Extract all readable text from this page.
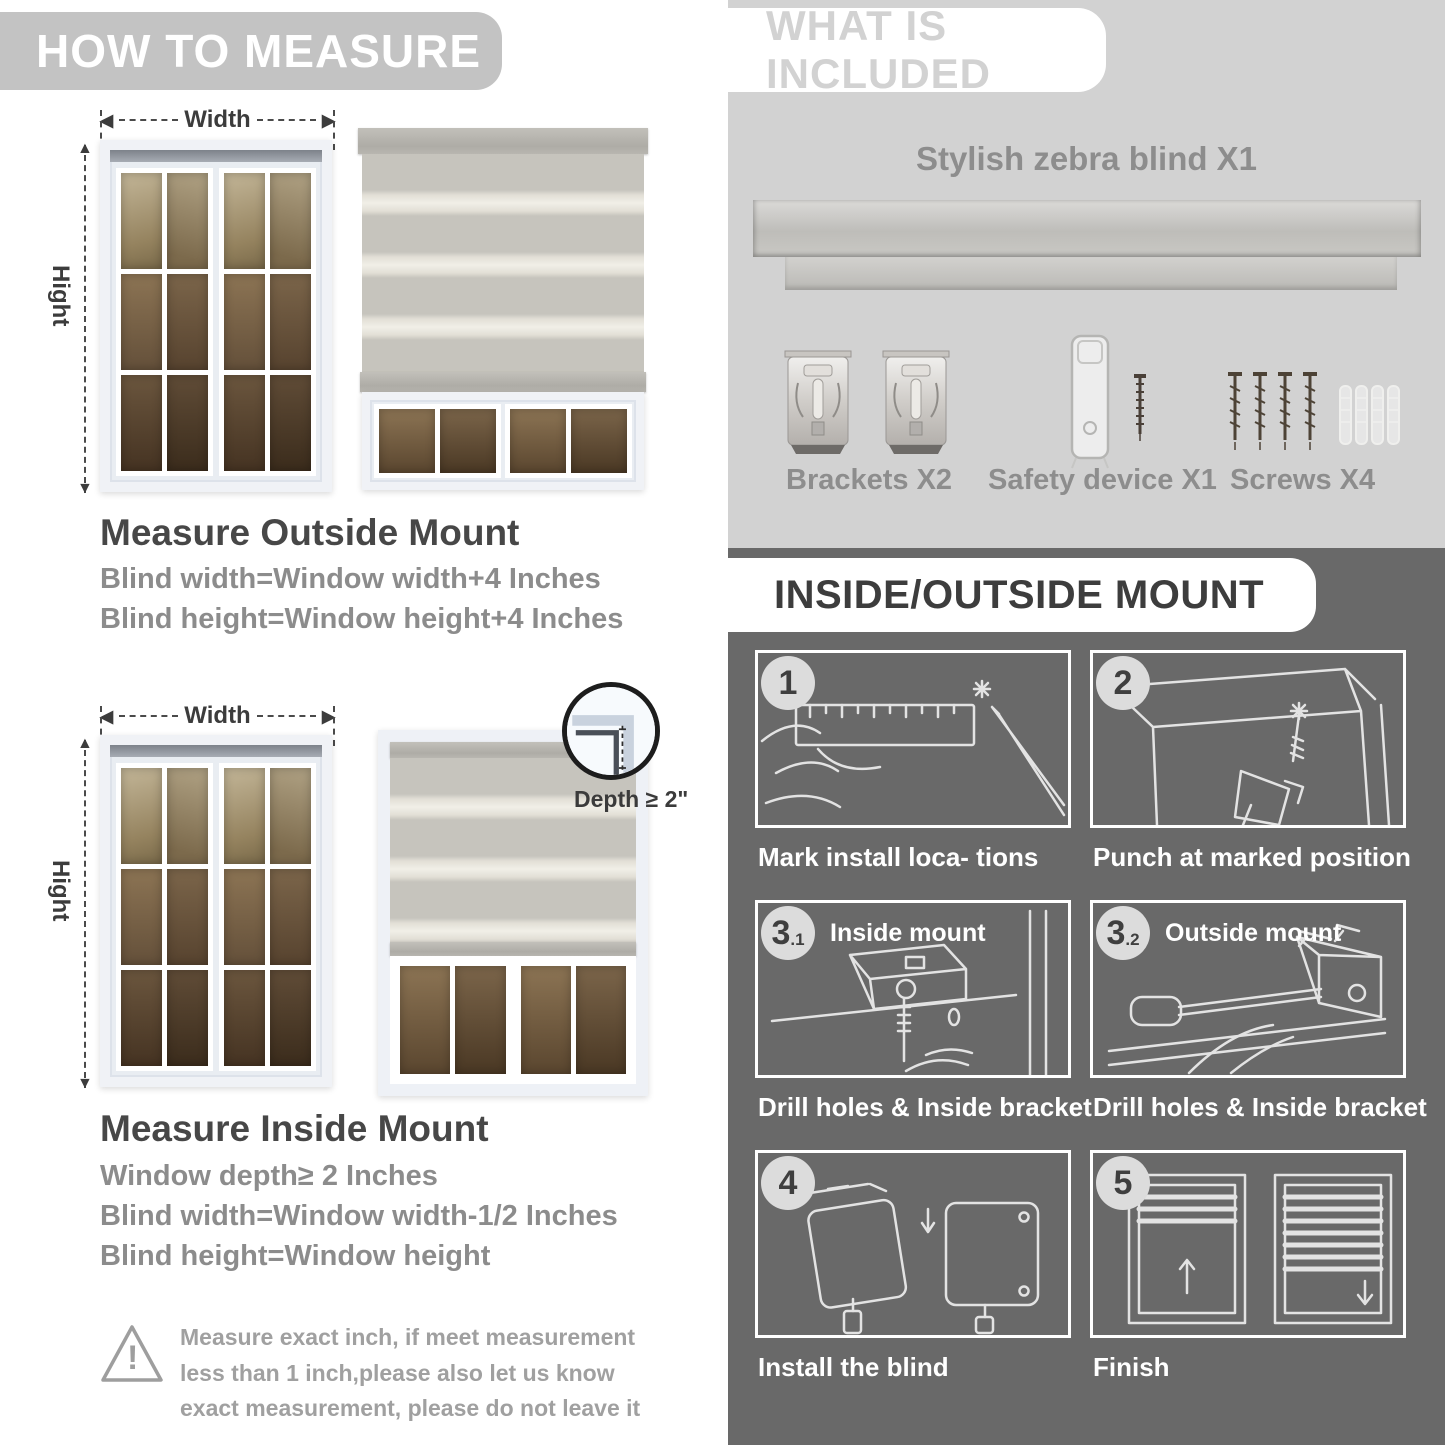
HOW TO MEASURE
◀	Width	▶
▲
▼
Hight
Measure Outside Mount
Blind width=Window width+4 Inches
Blind height=Window height+4 Inches
◀	Width	▶
▲
▼
Hight
Depth ≥ 2"
Measure Inside Mount
Window depth≥ 2 Inches
Blind width=Window width-1/2 Inches
Blind height=Window height
!
Measure exact inch, if meet measurement less than 1 inch,please also let us know exact measurement, please do not leave it
WHAT IS INCLUDED
Stylish zebra blind X1
Brackets X2 Safety device X1 Screws X4
INSIDE/OUTSIDE MOUNT
1
Mark install loca- tions
2
Punch at marked position
3 .1 Inside mount
Drill holes & Inside bracket
3 .2 Outside mount
Drill holes & Inside bracket
4
Install the blind
5
Finish
